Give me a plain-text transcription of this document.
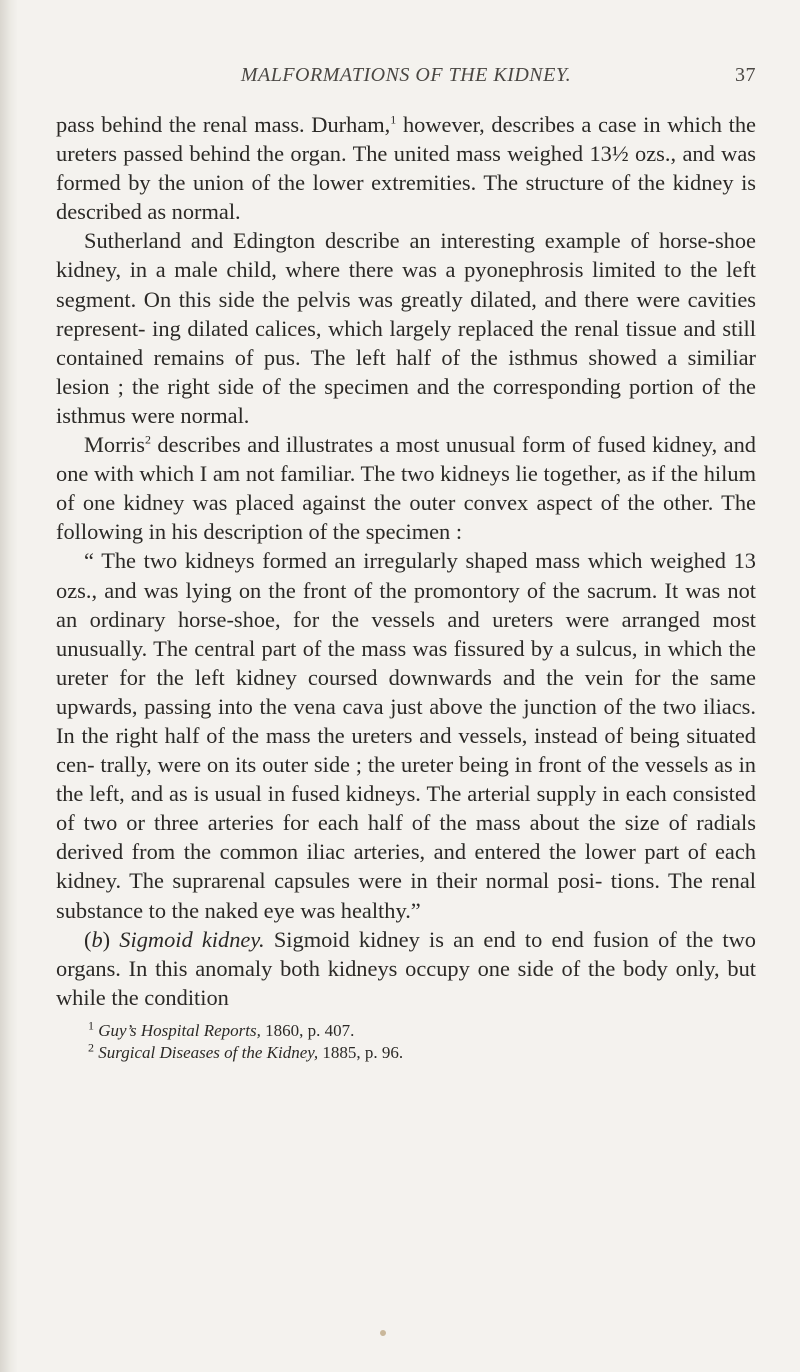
MALFORMATIONS OF THE KIDNEY.	37

pass behind the renal mass. Durham,$^1$ however, describes a case in which the ureters passed behind the organ. The united mass weighed 13½ ozs., and was formed by the union of the lower extremities. The structure of the kidney is described as normal.

Sutherland and Edington describe an interesting example of horse-shoe kidney, in a male child, where there was a pyonephrosis limited to the left segment. On this side the pelvis was greatly dilated, and there were cavities represent- ing dilated calices, which largely replaced the renal tissue and still contained remains of pus. The left half of the isthmus showed a similiar lesion ; the right side of the specimen and the corresponding portion of the isthmus were normal.

Morris$^2$ describes and illustrates a most unusual form of fused kidney, and one with which I am not familiar. The two kidneys lie together, as if the hilum of one kidney was placed against the outer convex aspect of the other. The following in his description of the specimen :

“ The two kidneys formed an irregularly shaped mass which weighed 13 ozs., and was lying on the front of the promontory of the sacrum. It was not an ordinary horse-shoe, for the vessels and ureters were arranged most unusually. The central part of the mass was fissured by a sulcus, in which the ureter for the left kidney coursed downwards and the vein for the same upwards, passing into the vena cava just above the junction of the two iliacs. In the right half of the mass the ureters and vessels, instead of being situated cen- trally, were on its outer side ; the ureter being in front of the vessels as in the left, and as is usual in fused kidneys. The arterial supply in each consisted of two or three arteries for each half of the mass about the size of radials derived from the common iliac arteries, and entered the lower part of each kidney. The suprarenal capsules were in their normal posi- tions. The renal substance to the naked eye was healthy.”

(b) Sigmoid kidney. Sigmoid kidney is an end to end fusion of the two organs. In this anomaly both kidneys occupy one side of the body only, but while the condition

$^1$ Guy’s Hospital Reports, 1860, p. 407.
$^2$ Surgical Diseases of the Kidney, 1885, p. 96.
